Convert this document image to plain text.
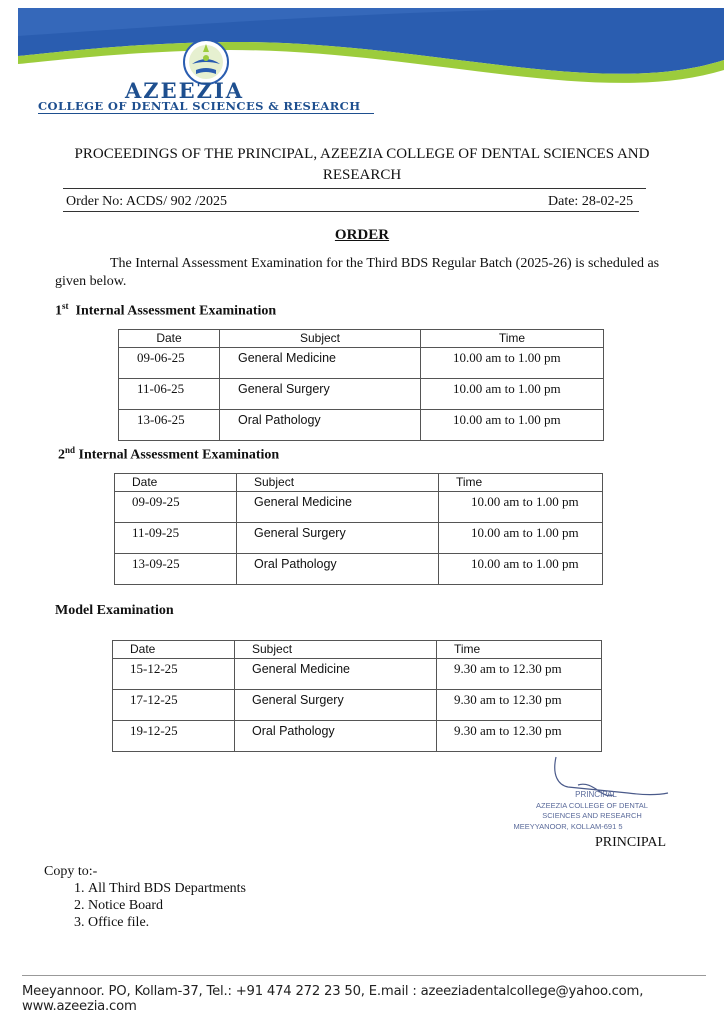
AZEEZIA
COLLEGE OF DENTAL SCIENCES & RESEARCH
PROCEEDINGS OF THE PRINCIPAL, AZEEZIA COLLEGE OF DENTAL SCIENCES AND RESEARCH
Order No: ACDS/ 902 /2025	Date: 28-02-25
ORDER
The Internal Assessment Examination for the Third BDS Regular Batch (2025-26) is scheduled as given below.
1st Internal Assessment Examination
Date	Subject	Time
09-06-25	General Medicine	10.00 am to 1.00 pm
11-06-25	General Surgery	10.00 am to 1.00 pm
13-06-25	Oral Pathology	10.00 am to 1.00 pm
2nd Internal Assessment Examination
Date	Subject	Time
09-09-25	General Medicine	10.00 am to 1.00 pm
11-09-25	General Surgery	10.00 am to 1.00 pm
13-09-25	Oral Pathology	10.00 am to 1.00 pm
Model Examination
Date	Subject	Time
15-12-25	General Medicine	9.30 am to 12.30 pm
17-12-25	General Surgery	9.30 am to 12.30 pm
19-12-25	Oral Pathology	9.30 am to 12.30 pm
PRINCIPAL
AZEEZIA COLLEGE OF DENTAL
SCIENCES AND RESEARCH
MEEYYANOOR, KOLLAM-691 5
PRINCIPAL
Copy to:-
1. All Third BDS Departments
2. Notice Board
3. Office file.
Meeyannoor. PO, Kollam-37, Tel.: +91 474 272 23 50, E.mail : azeeziadentalcollege@yahoo.com, www.azeezia.com
